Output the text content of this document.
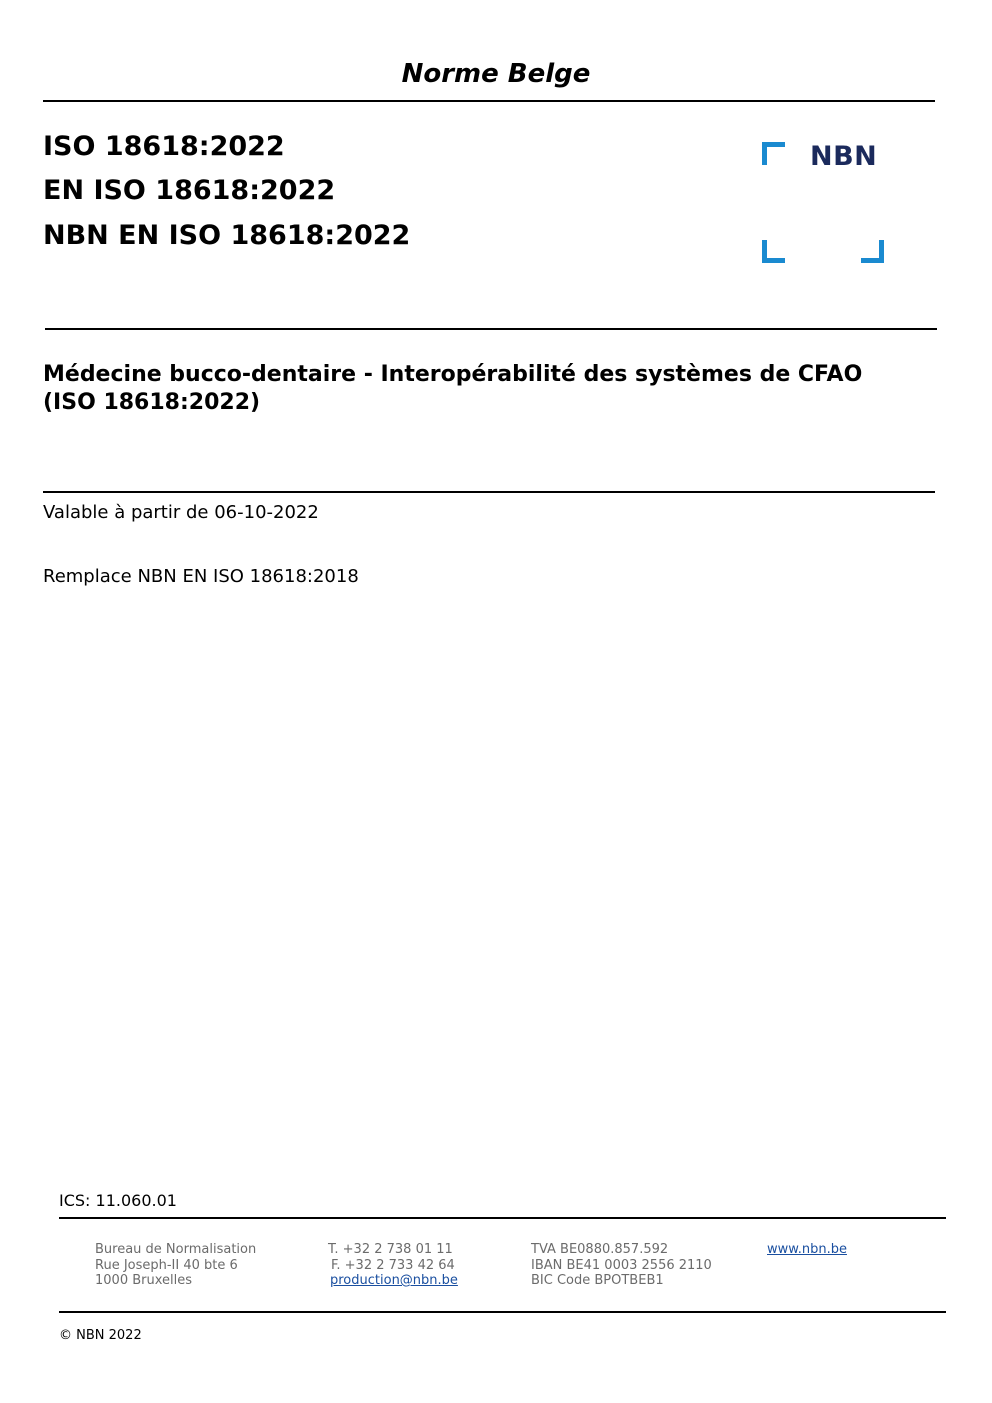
Norme Belge
ISO 18618:2022
EN ISO 18618:2022
NBN EN ISO 18618:2022
NBN
Médecine bucco-dentaire - Interopérabilité des systèmes de CFAO (ISO 18618:2022)
Valable à partir de 06-10-2022
Remplace NBN EN ISO 18618:2018
ICS: 11.060.01
Bureau de Normalisation
Rue Joseph-II 40 bte 6
1000 Bruxelles
T. +32 2 738 01 11
F. +32 2 733 42 64
production@nbn.be
TVA BE0880.857.592
IBAN BE41 0003 2556 2110
BIC Code BPOTBEB1
www.nbn.be
© NBN 2022
